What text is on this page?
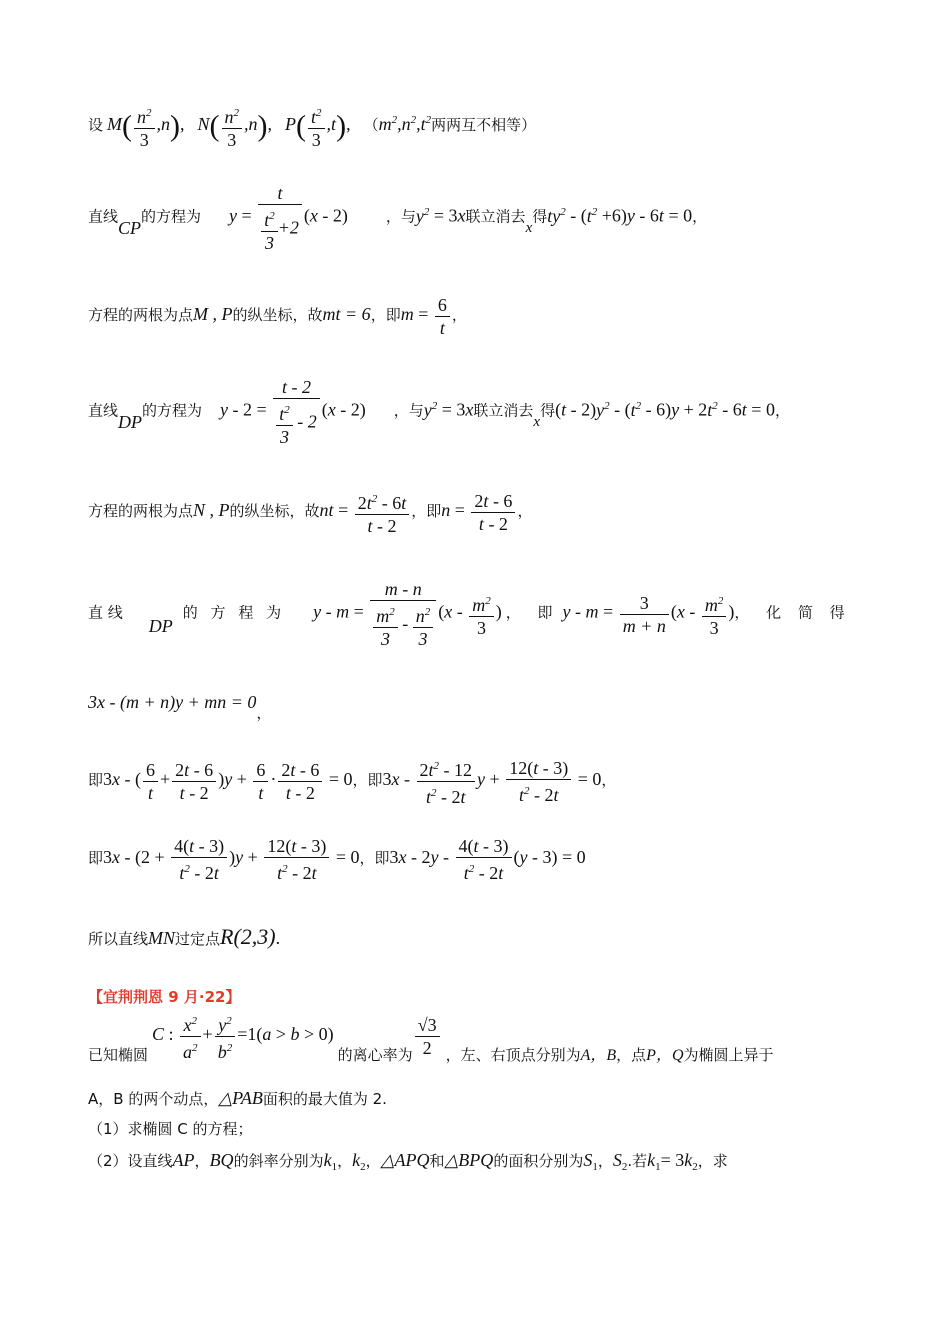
设 $M( \frac{n^2}{3} ,n)$,   $N( \frac{n^2}{3} ,n)$,   $P( \frac{t^2}{3} ,t)$,   （$m^2,n^2,t^2$两两互不相等）
直线CP的方程为 $y = \frac{t}{\frac{t^2}{3} +2} (x - 2)$	，与$y^2 = 3x$联立消去x得$ty^2 - (t^2 +6)y - 6t = 0$，
方程的两根为点M , P的纵坐标，故mt = 6，即$m = \frac{6}{t}$ ，
直线DP的方程为 $y - 2 = \frac{t - 2}{\frac{t^2}{3} - 2} (x - 2)$ ，与$y^2 = 3x$联立消去x得$(t - 2)y^2 - (t^2 - 6)y + 2t^2 - 6t = 0$，
方程的两根为点N , P的纵坐标，故nt = $\frac{2t^2 - 6t}{t - 2}$ ，即$n = \frac{2t - 6}{t - 2}$ ，
直 线 DP的 方 程 为 $y - m = \frac{m - n}{\frac{m^2}{3} - \frac{n^2}{3}} (x - \frac{m^2}{3}$ ) ， 即 $y - m = \frac{3}{m + n} (x - \frac{m^2}{3}$ )， 化 简 得
3x - (m + n)y + mn = 0，
即3x - ( $\frac{6}{t} + \frac{2t - 6}{t - 2} )y + \frac{6}{t} \cdot \frac{2t - 6}{t - 2} = 0$，即$3x - \frac{2t^2 - 12}{t^2 - 2t}$ $y + \frac{12(t - 3)}{t^2 - 2t} = 0$，
即$3x - (2 + \frac{4(t - 3)}{t^2 - 2t} )y + \frac{12(t - 3)}{t^2 - 2t} = 0$，即$3x - 2y - \frac{4(t - 3)}{t^2 - 2t} (y - 3) = 0$
所以直线MN过定点R(2,3).
【宜荆荆恩 9 月·22】
已知椭圆 C : $\frac{x^2}{a^2} + \frac{y^2}{b^2} =1(a > b > 0)$ 的离心率为 $\frac{√3}{2}$ ，左、右顶点分别为A，B，点P，Q为椭圆上异于
A，B 的两个动点，△PAB面积的最大值为 2.
（1）求椭圆 C 的方程；
（2）设直线AP，BQ的斜率分别为$k_1$，$k_2$，△APQ和△BPQ的面积分别为$S_1$，$S_2$.若$k_1= 3k_2$，求
